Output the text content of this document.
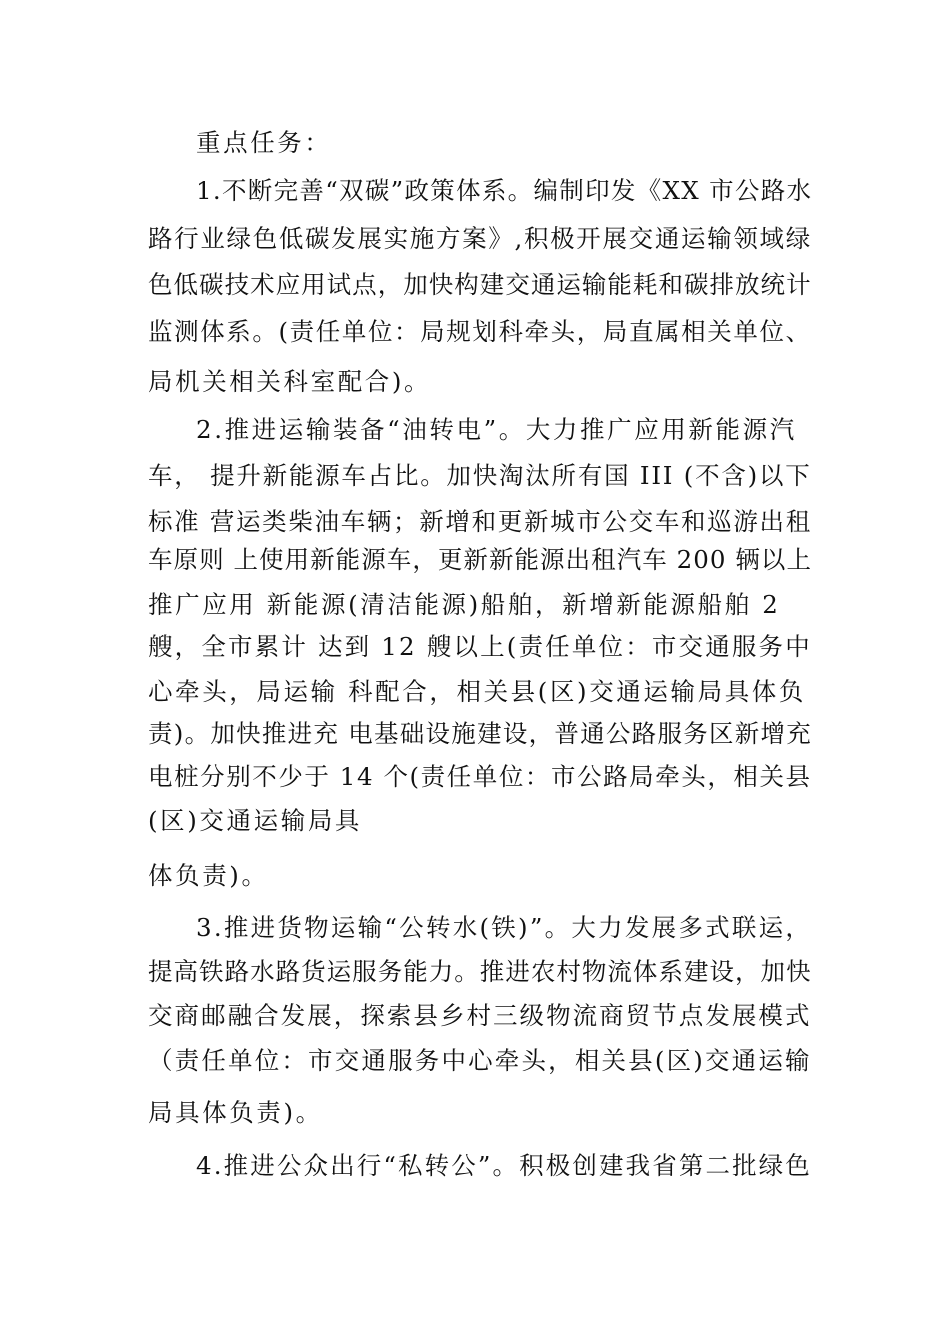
重点任务：
1.不断完善“双碳”政策体系。编制印发《XX 市公路水
路行业绿色低碳发展实施方案》,积极开展交通运输领域绿
色低碳技术应用试点，加快构建交通运输能耗和碳排放统计
监测体系。(责任单位：局规划科牵头，局直属相关单位、
局机关相关科室配合)。
2.推进运输装备“油转电”。大力推广应用新能源汽
车， 提升新能源车占比。加快淘汰所有国 III (不含)以下
标准 营运类柴油车辆；新增和更新城市公交车和巡游出租
车原则 上使用新能源车，更新新能源出租汽车 200 辆以上
推广应用 新能源(清洁能源)船舶，新增新能源船舶 2
艘，全市累计 达到 12 艘以上(责任单位：市交通服务中
心牵头，局运输 科配合，相关县(区)交通运输局具体负
责)。加快推进充 电基础设施建设，普通公路服务区新增充
电桩分别不少于 14 个(责任单位：市公路局牵头，相关县
(区)交通运输局具
体负责)。
3.推进货物运输“公转水(铁)”。大力发展多式联运，
提高铁路水路货运服务能力。推进农村物流体系建设，加快
交商邮融合发展，探索县乡村三级物流商贸节点发展模式
（责任单位：市交通服务中心牵头，相关县(区)交通运输
局具体负责)。
4.推进公众出行“私转公”。积极创建我省第二批绿色
